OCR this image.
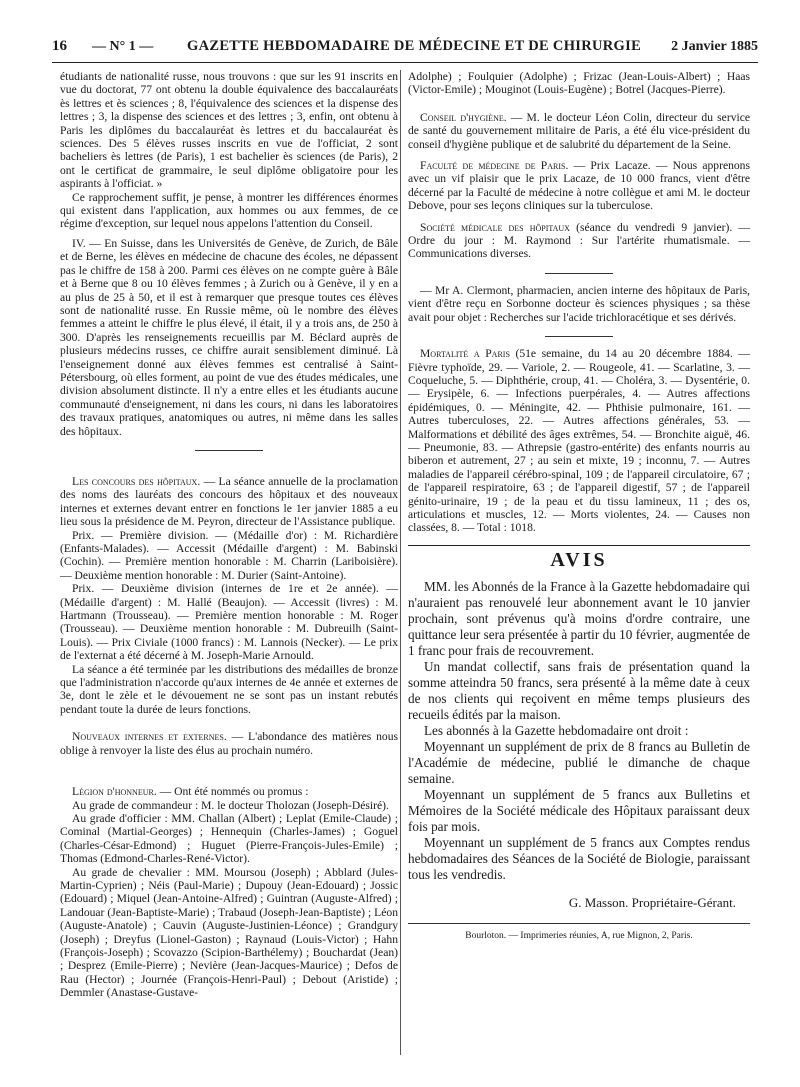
16	— N° 1 —	GAZETTE HEBDOMADAIRE DE MÉDECINE ET DE CHIRURGIE	2 Janvier 1885

étudiants de nationalité russe, nous trouvons : que sur les 91 inscrits en vue du doctorat, 77 ont obtenu la double équivalence des baccalauréats ès lettres et ès sciences ; 8, l'équivalence des sciences et la dispense des lettres ; 3, la dispense des sciences et des lettres ; 3, enfin, ont obtenu à Paris les diplômes du baccalauréat ès lettres et du baccalauréat ès sciences. Des 5 élèves russes inscrits en vue de l'officiat, 2 sont bacheliers ès lettres (de Paris), 1 est bachelier ès sciences (de Paris), 2 ont le certificat de grammaire, le seul diplôme obligatoire pour les aspirants à l'officiat. »

Ce rapprochement suffit, je pense, à montrer les différences énormes qui existent dans l'application, aux hommes ou aux femmes, de ce régime d'exception, sur lequel nous appelons l'attention du Conseil.

IV. — En Suisse, dans les Universités de Genève, de Zurich, de Bâle et de Berne, les élèves en médecine de chacune des écoles, ne dépassent pas le chiffre de 158 à 200. Parmi ces élèves on ne compte guère à Bâle et à Berne que 8 ou 10 élèves femmes ; à Zurich ou à Genève, il y en a au plus de 25 à 50, et il est à remarquer que presque toutes ces élèves sont de nationalité russe. En Russie même, où le nombre des élèves femmes a atteint le chiffre le plus élevé, il était, il y a trois ans, de 250 à 300. D'après les renseignements recueillis par M. Béclard auprès de plusieurs médecins russes, ce chiffre aurait sensiblement diminué. Là l'enseignement donné aux élèves femmes est centralisé à Saint-Pétersbourg, où elles forment, au point de vue des études médicales, une division absolument distincte. Il n'y a entre elles et les étudiants aucune communauté d'enseignement, ni dans les cours, ni dans les laboratoires des travaux pratiques, anatomiques ou autres, ni même dans les salles des hôpitaux.

Les concours des hôpitaux. — La séance annuelle de la proclamation des noms des lauréats des concours des hôpitaux et des nouveaux internes et externes devant entrer en fonctions le 1er janvier 1885 a eu lieu sous la présidence de M. Peyron, directeur de l'Assistance publique.

Prix. — Première division. — (Médaille d'or) : M. Richardière (Enfants-Malades). — Accessit (Médaille d'argent) : M. Babinski (Cochin). — Première mention honorable : M. Charrin (Lariboisière). — Deuxième mention honorable : M. Durier (Saint-Antoine).

Prix. — Deuxième division (internes de 1re et 2e année). — (Médaille d'argent) : M. Hallé (Beaujon). — Accessit (livres) : M. Hartmann (Trousseau). — Première mention honorable : M. Roger (Trousseau). — Deuxième mention honorable : M. Dubreuilh (Saint-Louis). — Prix Civiale (1000 francs) : M. Lannois (Necker). — Le prix de l'externat a été décerné à M. Joseph-Marie Arnould.

La séance a été terminée par les distributions des médailles de bronze que l'administration n'accorde qu'aux internes de 4e année et externes de 3e, dont le zèle et le dévouement ne se sont pas un instant rebutés pendant toute la durée de leurs fonctions.

Nouveaux internes et externes. — L'abondance des matières nous oblige à renvoyer la liste des élus au prochain numéro.

Légion d'honneur. — Ont été nommés ou promus :

Au grade de commandeur : M. le docteur Tholozan (Joseph-Désiré).

Au grade d'officier : MM. Challan (Albert) ; Leplat (Emile-Claude) ; Cominal (Martial-Georges) ; Hennequin (Charles-James) ; Goguel (Charles-César-Edmond) ; Huguet (Pierre-François-Jules-Emile) ; Thomas (Edmond-Charles-René-Victor).

Au grade de chevalier : MM. Moursou (Joseph) ; Abblard (Jules-Martin-Cyprien) ; Néis (Paul-Marie) ; Dupouy (Jean-Edouard) ; Jossic (Edouard) ; Miquel (Jean-Antoine-Alfred) ; Guintran (Auguste-Alfred) ; Landouar (Jean-Baptiste-Marie) ; Trabaud (Joseph-Jean-Baptiste) ; Léon (Auguste-Anatole) ; Cauvin (Auguste-Justinien-Léonce) ; Grandgury (Joseph) ; Dreyfus (Lionel-Gaston) ; Raynaud (Louis-Victor) ; Hahn (François-Joseph) ; Scovazzo (Scipion-Barthélemy) ; Bouchardat (Jean) ; Desprez (Emile-Pierre) ; Nevière (Jean-Jacques-Maurice) ; Defos de Rau (Hector) ; Journée (François-Henri-Paul) ; Debout (Aristide) ; Demmler (Anastase-Gustave-

Adolphe) ; Foulquier (Adolphe) ; Frizac (Jean-Louis-Albert) ; Haas (Victor-Emile) ; Mouginot (Louis-Eugène) ; Botrel (Jacques-Pierre).

Conseil d'hygiène. — M. le docteur Léon Colin, directeur du service de santé du gouvernement militaire de Paris, a été élu vice-président du conseil d'hygiène publique et de salubrité du département de la Seine.

Faculté de médecine de Paris. — Prix Lacaze. — Nous apprenons avec un vif plaisir que le prix Lacaze, de 10 000 francs, vient d'être décerné par la Faculté de médecine à notre collègue et ami M. le docteur Debove, pour ses leçons cliniques sur la tuberculose.

Société médicale des hôpitaux (séance du vendredi 9 janvier). — Ordre du jour : M. Raymond : Sur l'artérite rhumatismale. — Communications diverses.

— Mr A. Clermont, pharmacien, ancien interne des hôpitaux de Paris, vient d'être reçu en Sorbonne docteur ès sciences physiques ; sa thèse avait pour objet : Recherches sur l'acide trichloracétique et ses dérivés.

Mortalité a Paris (51e semaine, du 14 au 20 décembre 1884. — Fièvre typhoïde, 29. — Variole, 2. — Rougeole, 41. — Scarlatine, 3. — Coqueluche, 5. — Diphthérie, croup, 41. — Choléra, 3. — Dysentérie, 0. — Erysipèle, 6. — Infections puerpérales, 4. — Autres affections épidémiques, 0. — Méningite, 42. — Phthisie pulmonaire, 161. — Autres tuberculoses, 22. — Autres affections générales, 53. — Malformations et débilité des âges extrêmes, 54. — Bronchite aiguë, 46. — Pneumonie, 83. — Athrepsie (gastro-entérite) des enfants nourris au biberon et autrement, 27 ; au sein et mixte, 19 ; inconnu, 7. — Autres maladies de l'appareil cérébro-spinal, 109 ; de l'appareil circulatoire, 67 ; de l'appareil respiratoire, 63 ; de l'appareil digestif, 57 ; de l'appareil génito-urinaire, 19 ; de la peau et du tissu lamineux, 11 ; des os, articulations et muscles, 12. — Morts violentes, 24. — Causes non classées, 8. — Total : 1018.

AVIS

MM. les Abonnés de la France à la Gazette hebdomadaire qui n'auraient pas renouvelé leur abonnement avant le 10 janvier prochain, sont prévenus qu'à moins d'ordre contraire, une quittance leur sera présentée à partir du 10 février, augmentée de 1 franc pour frais de recouvrement.

Un mandat collectif, sans frais de présentation quand la somme atteindra 50 francs, sera présenté à la même date à ceux de nos clients qui reçoivent en même temps plusieurs des recueils édités par la maison.

Les abonnés à la Gazette hebdomadaire ont droit :

Moyennant un supplément de prix de 8 francs au Bulletin de l'Académie de médecine, publié le dimanche de chaque semaine.

Moyennant un supplément de 5 francs aux Bulletins et Mémoires de la Société médicale des Hôpitaux paraissant deux fois par mois.

Moyennant un supplément de 5 francs aux Comptes rendus hebdomadaires des Séances de la Société de Biologie, paraissant tous les vendredis.

G. Masson. Propriétaire-Gérant.
Bourloton. — Imprimeries réunies, A, rue Mignon, 2, Paris.
